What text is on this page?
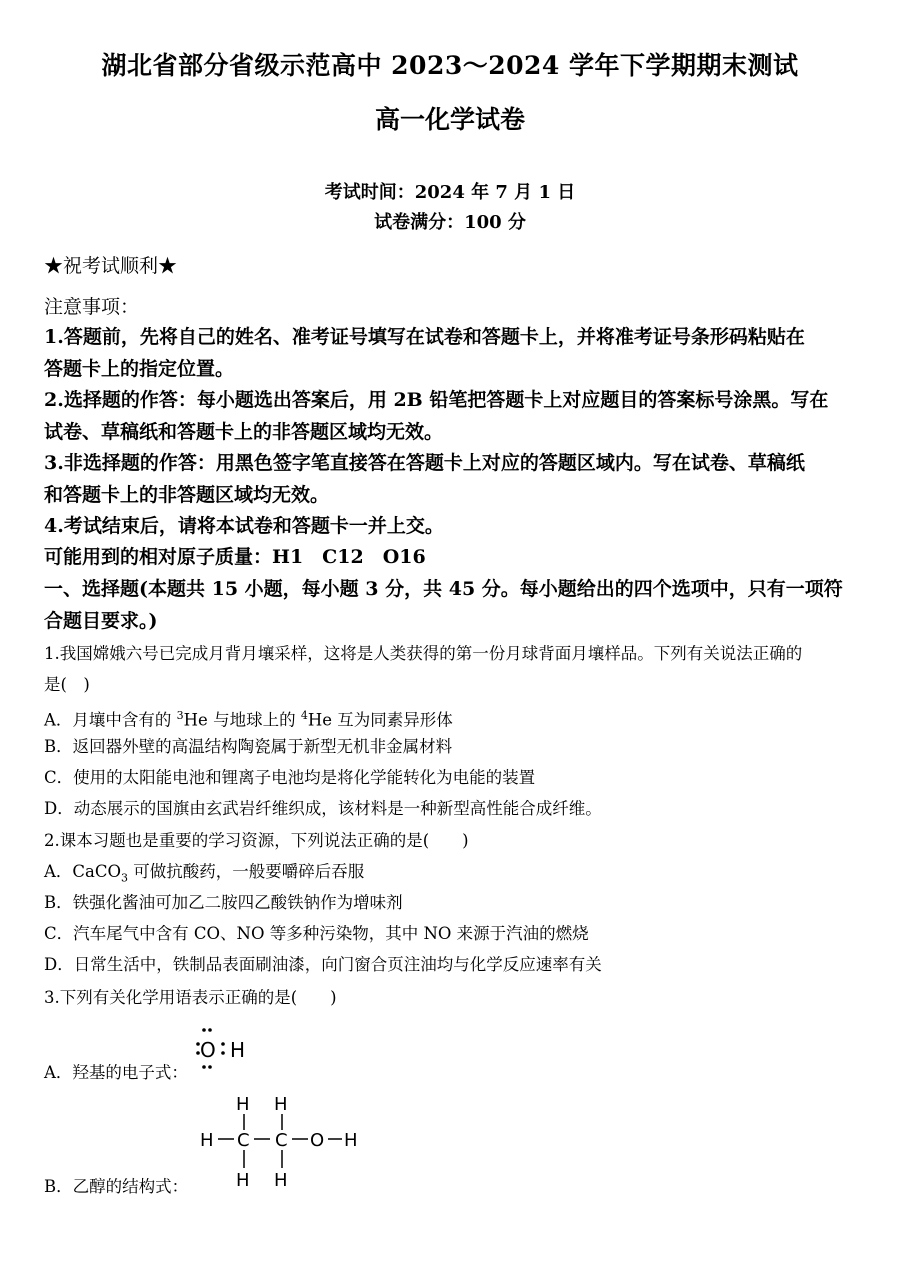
湖北省部分省级示范高中 2023～2024 学年下学期期末测试
高一化学试卷
考试时间：2024 年 7 月 1 日
试卷满分：100 分
★祝考试顺利★
注意事项：
1.答题前，先将自己的姓名、准考证号填写在试卷和答题卡上，并将准考证号条形码粘贴在
答题卡上的指定位置。
2.选择题的作答：每小题选出答案后，用 2B 铅笔把答题卡上对应题目的答案标号涂黑。写在
试卷、草稿纸和答题卡上的非答题区域均无效。
3.非选择题的作答：用黑色签字笔直接答在答题卡上对应的答题区域内。写在试卷、草稿纸
和答题卡上的非答题区域均无效。
4.考试结束后，请将本试卷和答题卡一并上交。
可能用到的相对原子质量：H1　C12　O16
一、选择题(本题共 15 小题，每小题 3 分，共 45 分。每小题给出的四个选项中，只有一项符
合题目要求。)
1.我国嫦娥六号已完成月背月壤采样，这将是人类获得的第一份月球背面月壤样品。下列有关说法正确的
是(　)
A．月壤中含有的 $^3$He 与地球上的 $^4$He 互为同素异形体
B．返回器外壁的高温结构陶瓷属于新型无机非金属材料
C．使用的太阳能电池和锂离子电池均是将化学能转化为电能的装置
D．动态展示的国旗由玄武岩纤维织成，该材料是一种新型高性能合成纤维。
2.课本习题也是重要的学习资源，下列说法正确的是(　　)
A．CaCO$_3$ 可做抗酸药，一般要嚼碎后吞服
B．铁强化酱油可加乙二胺四乙酸铁钠作为增味剂
C．汽车尾气中含有 CO、NO 等多种污染物，其中 NO 来源于汽油的燃烧
D．日常生活中，铁制品表面刷油漆，向门窗合页注油均与化学反应速率有关
3.下列有关化学用语表示正确的是(　　)
A．羟基的电子式：
O H
B．乙醇的结构式：
H H
H C C O H
H H
